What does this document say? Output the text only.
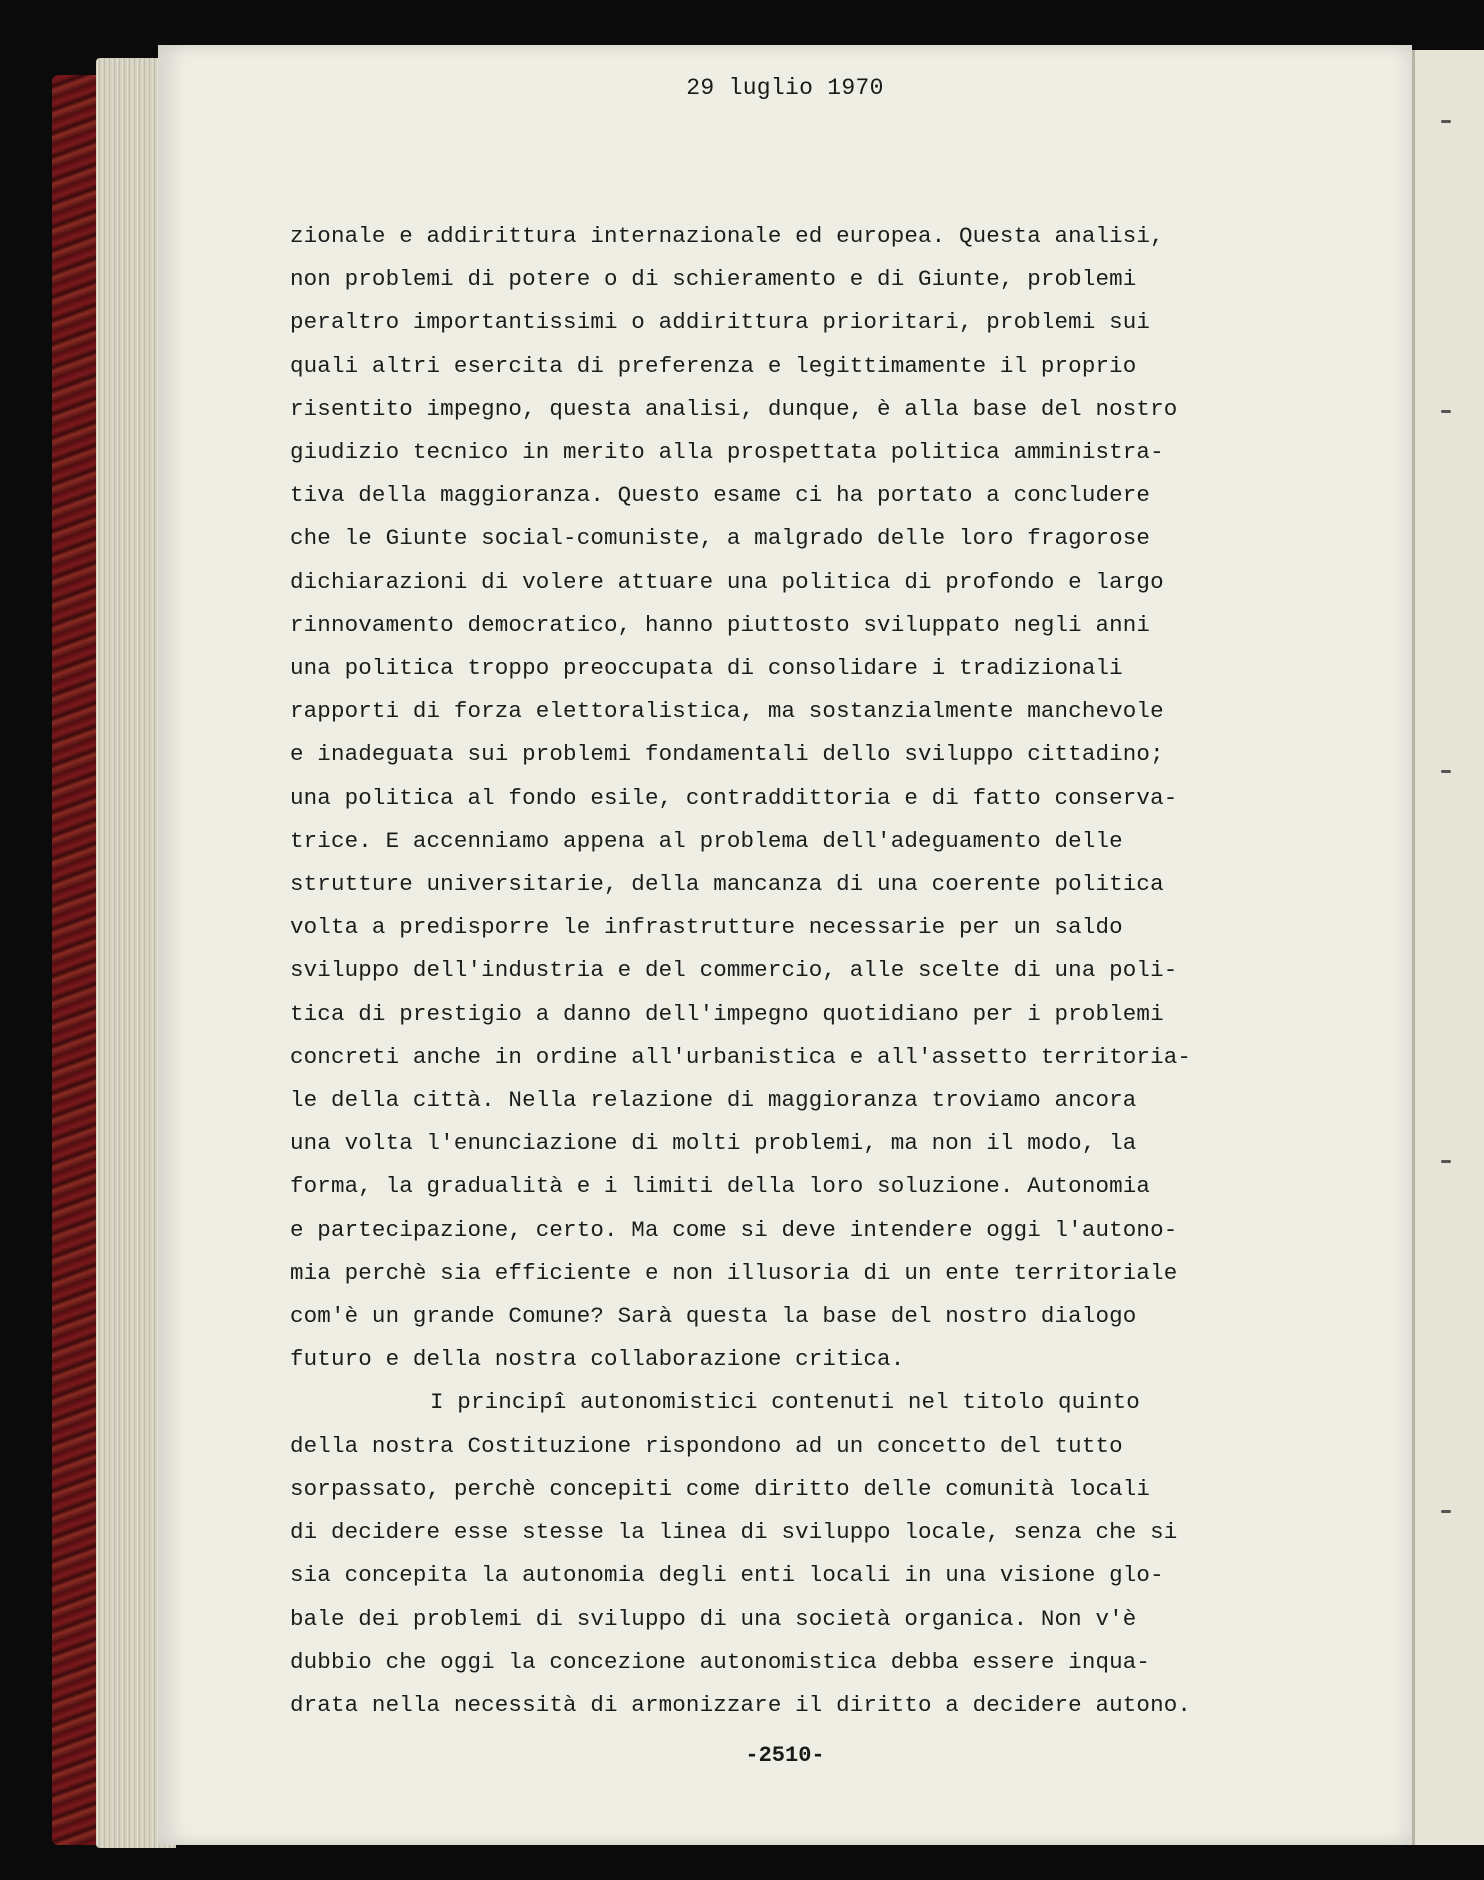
29 luglio 1970
zionale e addirittura internazionale ed europea. Questa analisi,
non problemi di potere o di schieramento e di Giunte, problemi
peraltro importantissimi o addirittura prioritari, problemi sui
quali altri esercita di preferenza e legittimamente il proprio
risentito impegno, questa analisi, dunque, è alla base del nostro
giudizio tecnico in merito alla prospettata politica amministra-
tiva della maggioranza. Questo esame ci ha portato a concludere
che le Giunte social-comuniste, a malgrado delle loro fragorose
dichiarazioni di volere attuare una politica di profondo e largo
rinnovamento democratico, hanno piuttosto sviluppato negli anni
una politica troppo preoccupata di consolidare i tradizionali
rapporti di forza elettoralistica, ma sostanzialmente manchevole
e inadeguata sui problemi fondamentali dello sviluppo cittadino;
una politica al fondo esile, contraddittoria e di fatto conserva-
trice. E accenniamo appena al problema dell'adeguamento delle
strutture universitarie, della mancanza di una coerente politica
volta a predisporre le infrastrutture necessarie per un saldo
sviluppo dell'industria e del commercio, alle scelte di una poli-
tica di prestigio a danno dell'impegno quotidiano per i problemi
concreti anche in ordine all'urbanistica e all'assetto territoria-
le della città. Nella relazione di maggioranza troviamo ancora
una volta l'enunciazione di molti problemi, ma non il modo, la
forma, la gradualità e i limiti della loro soluzione. Autonomia
e partecipazione, certo. Ma come si deve intendere oggi l'autono-
mia perchè sia efficiente e non illusoria di un ente territoriale
com'è un grande Comune? Sarà questa la base del nostro dialogo
futuro e della nostra collaborazione critica.
I principî autonomistici contenuti nel titolo quinto
della nostra Costituzione rispondono ad un concetto del tutto
sorpassato, perchè concepiti come diritto delle comunità locali
di decidere esse stesse la linea di sviluppo locale, senza che si
sia concepita la autonomia degli enti locali in una visione glo-
bale dei problemi di sviluppo di una società organica. Non v'è
dubbio che oggi la concezione autonomistica debba essere inqua-
drata nella necessità di armonizzare il diritto a decidere autono.
-2510-
